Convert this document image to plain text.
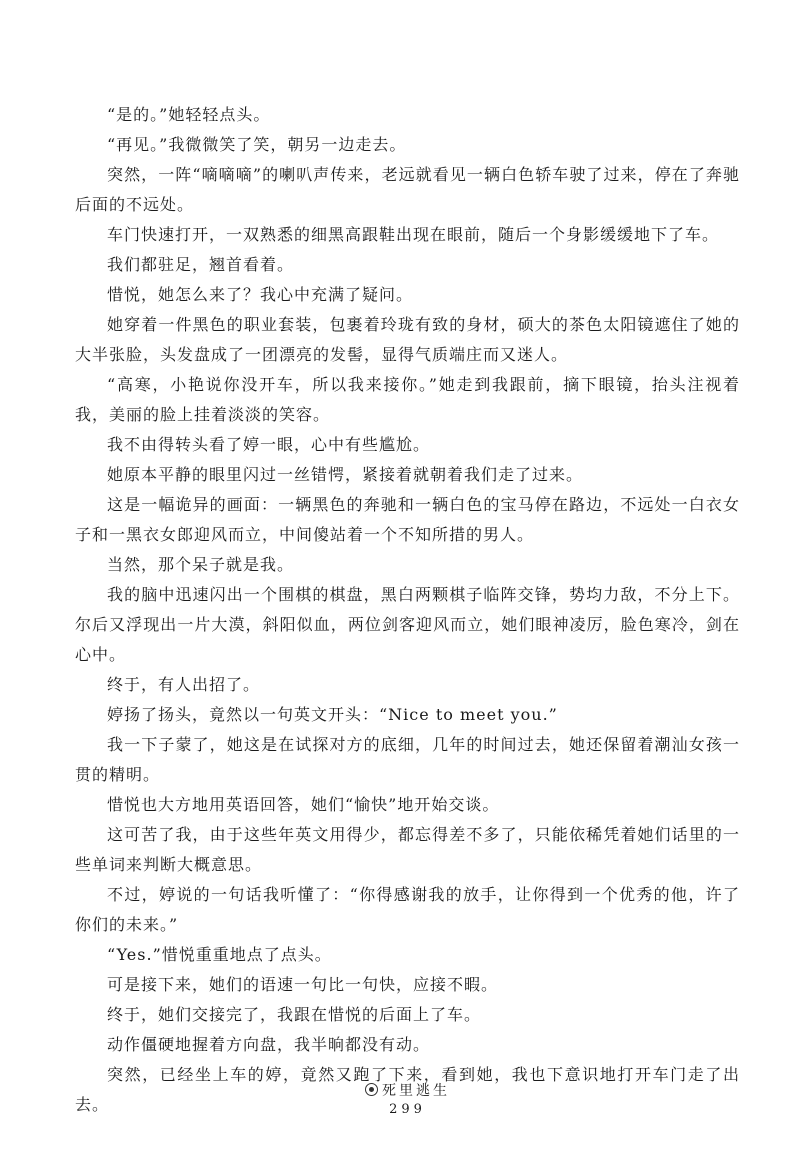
“是的。”她轻轻点头。

“再见。”我微微笑了笑，朝另一边走去。

突然，一阵“嘀嘀嘀”的喇叭声传来，老远就看见一辆白色轿车驶了过来，停在了奔驰后面的不远处。

车门快速打开，一双熟悉的细黑高跟鞋出现在眼前，随后一个身影缓缓地下了车。

我们都驻足，翘首看着。

惜悦，她怎么来了？我心中充满了疑问。

她穿着一件黑色的职业套装，包裹着玲珑有致的身材，硕大的茶色太阳镜遮住了她的大半张脸，头发盘成了一团漂亮的发髻，显得气质端庄而又迷人。

“高寒，小艳说你没开车，所以我来接你。”她走到我跟前，摘下眼镜，抬头注视着我，美丽的脸上挂着淡淡的笑容。

我不由得转头看了婷一眼，心中有些尴尬。

她原本平静的眼里闪过一丝错愕，紧接着就朝着我们走了过来。

这是一幅诡异的画面：一辆黑色的奔驰和一辆白色的宝马停在路边，不远处一白衣女子和一黑衣女郎迎风而立，中间傻站着一个不知所措的男人。

当然，那个呆子就是我。

我的脑中迅速闪出一个围棋的棋盘，黑白两颗棋子临阵交锋，势均力敌，不分上下。尔后又浮现出一片大漠，斜阳似血，两位剑客迎风而立，她们眼神凌厉，脸色寒冷，剑在心中。

终于，有人出招了。

婷扬了扬头，竟然以一句英文开头：“Nice to meet you.”

我一下子蒙了，她这是在试探对方的底细，几年的时间过去，她还保留着潮汕女孩一贯的精明。

惜悦也大方地用英语回答，她们“愉快”地开始交谈。

这可苦了我，由于这些年英文用得少，都忘得差不多了，只能依稀凭着她们话里的一些单词来判断大概意思。

不过，婷说的一句话我听懂了：“你得感谢我的放手，让你得到一个优秀的他，许了你们的未来。”

“Yes.”惜悦重重地点了点头。

可是接下来，她们的语速一句比一句快，应接不暇。

终于，她们交接完了，我跟在惜悦的后面上了车。

动作僵硬地握着方向盘，我半晌都没有动。

突然，已经坐上车的婷，竟然又跑了下来，看到她，我也下意识地打开车门走了出去。

死里逃生
299
